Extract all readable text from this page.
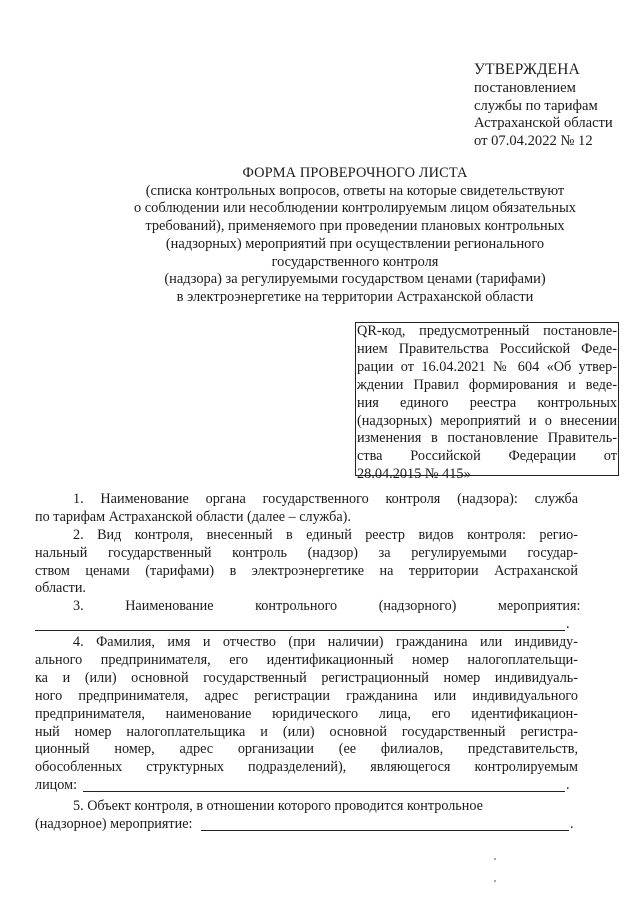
УТВЕРЖДЕНА
постановлением
службы по тарифам
Астраханской области
от 07.04.2022 № 12
ФОРМА ПРОВЕРОЧНОГО ЛИСТА
(списка контрольных вопросов, ответы на которые свидетельствуют
о соблюдении или несоблюдении контролируемым лицом обязательных
требований), применяемого при проведении плановых контрольных
(надзорных) мероприятий при осуществлении регионального
государственного контроля
(надзора) за регулируемыми государством ценами (тарифами)
в электроэнергетике на территории Астраханской области
QR-код, предусмотренный постановле-
нием Правительства Российской Феде-
рации от 16.04.2021 № 604 «Об утвер-
ждении Правил формирования и веде-
ния единого реестра контрольных
(надзорных) мероприятий и о внесении
изменения в постановление Правитель-
ства Российской Федерации от
28.04.2015 № 415»
1. Наименование органа государственного контроля (надзора): служба
по тарифам Астраханской области (далее – служба).
2. Вид контроля, внесенный в единый реестр видов контроля: регио-
нальный государственный контроль (надзор) за регулируемыми государ-
ством ценами (тарифами) в электроэнергетике на территории Астраханской
области.
3. Наименование контрольного (надзорного) мероприятия:
.
4. Фамилия, имя и отчество (при наличии) гражданина или индивиду-
ального предпринимателя, его идентификационный номер налогоплательщи-
ка и (или) основной государственный регистрационный номер индивидуаль-
ного предпринимателя, адрес регистрации гражданина или индивидуального
предпринимателя, наименование юридического лица, его идентификацион-
ный номер налогоплательщика и (или) основной государственный регистра-
ционный номер, адрес организации (ее филиалов, представительств,
обособленных структурных подразделений), являющегося контролируемым
лицом:	.
5. Объект контроля, в отношении которого проводится контрольное
(надзорное) мероприятие:	.
